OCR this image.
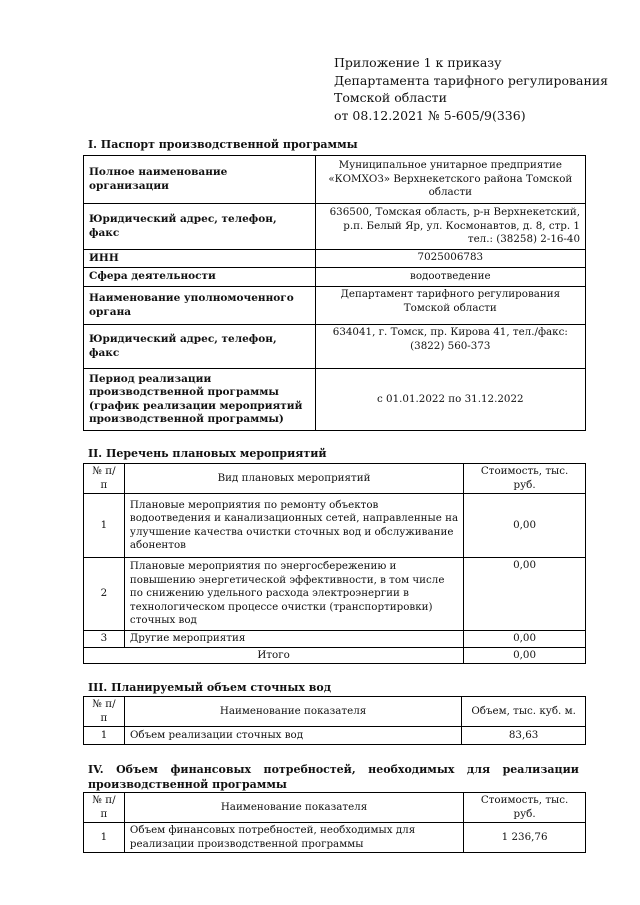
Приложение 1 к приказу
Департамента тарифного регулирования
Томской области
от 08.12.2021 № 5-605/9(336)
I. Паспорт производственной программы
Полное наименование организации	Муниципальное унитарное предприятие «КОМХОЗ» Верхнекетского района Томской области
Юридический адрес, телефон, факс	636500, Томская область, р-н Верхнекетский, р.п. Белый Яр, ул. Космонавтов, д. 8, стр. 1 тел.: (38258) 2-16-40
ИНН	7025006783
Сфера деятельности	водоотведение
Наименование уполномоченного органа	Департамент тарифного регулирования Томской области
Юридический адрес, телефон, факс	634041, г. Томск, пр. Кирова 41, тел./факс: (3822) 560-373
Период реализации производственной программы (график реализации мероприятий производственной программы)	с 01.01.2022 по 31.12.2022
II. Перечень плановых мероприятий
№ п/п	Вид плановых мероприятий	Стоимость, тыс. руб.
1	Плановые мероприятия по ремонту объектов водоотведения и канализационных сетей, направленные на улучшение качества очистки сточных вод и обслуживание абонентов	0,00
2	Плановые мероприятия по энергосбережению и повышению энергетической эффективности, в том числе по снижению удельного расхода электроэнергии в технологическом процессе очистки (транспортировки) сточных вод	0,00
3	Другие мероприятия	0,00
Итого		0,00
III. Планируемый объем сточных вод
№ п/п	Наименование показателя	Объем, тыс. куб. м.
1	Объем реализации сточных вод	83,63
IV. Объем финансовых потребностей, необходимых для реализации
производственной программы
№ п/п	Наименование показателя	Стоимость, тыс. руб.
1	Объем финансовых потребностей, необходимых для реализации производственной программы	1 236,76
